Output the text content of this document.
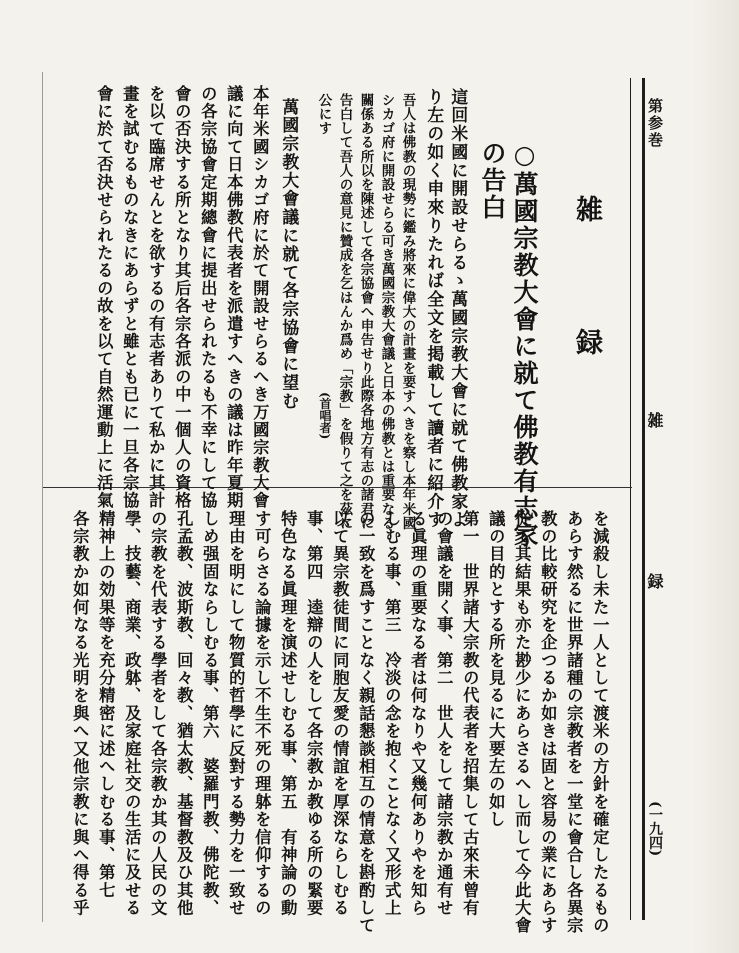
第参巻
雑
録
(一九四)
雑
録
○萬國宗教大會に就て佛教有志家
の告白
這回米國に開設せらるゝ萬國宗教大會に就て佛教家よ
り左の如く申來りたれば全文を掲載して讀者に紹介す
吾人は佛教の現勢に鑑み將來に偉大の計畫を要すへきを察し本年米國
シカゴ府に開設せらる可き萬國宗教大會議と日本の佛教とは重要なる
關係ある所以を陳述して各宗協會へ申告せり此際各地方有志の諸君に
告白して吾人の意見に贊成を乞はんか爲め「宗教」を假りて之を茲に
公にす
(首唱者)
萬國宗教大會議に就て各宗協會に望む
本年米國シカゴ府に於て開設せらるへき万國宗教大會
議に向て日本佛教代表者を派遣すへきの議は昨年夏期
の各宗協會定期總會に提出せられたるも不幸にして協
會の否決する所となり其后各宗各派の中一個人の資格
を以て臨席せんとを欲するの有志者ありて私かに其計
畫を試むるものなきにあらずと雖とも已に一旦各宗協
會に於て否決せられたるの故を以て自然運動上に活氣
を減殺し未た一人として渡米の方針を確定したるもの
あらす然るに世界諸種の宗教者を一堂に會合し各異宗
教の比較研究を企つるか如きは固と容易の業にあらす
從て其結果も亦た尠少にあらさるへし而して今此大會
議の目的とする所を見るに大要左の如し
第一　世界諸大宗教の代表者を招集して古來未曾有
の會議を開く事、第二　世人をして諸宗教か通有せ
る眞理の重要なる者は何なりや又幾何ありやを知ら
しむる事、第三　冷淡の念を抱くことなく又形式上
の一致を爲すことなく親話懇談相互の情意を斟酌して
以て異宗教徒間に同胞友愛の情誼を厚深ならしむる
事、第四　逵辯の人をして各宗教か教ゆる所の緊要
特色なる眞理を演述せしむる事、第五　有神論の動
す可らさる論據を示し不生不死の理躰を信仰するの
理由を明にして物質的哲學に反對する勢力を一致せ
しめ强固ならしむる事、第六　婆羅門教、佛陀教、
孔孟教、波斯教、回々教、猶太教、基督教及ひ其他
の宗教を代表する學者をして各宗教か其の人民の文
學、技藝、商業、政躰、及家庭社交の生活に及せる
精神上の効果等を充分精密に述へしむる事、第七
各宗教か如何なる光明を與へ又他宗教に與へ得る乎
